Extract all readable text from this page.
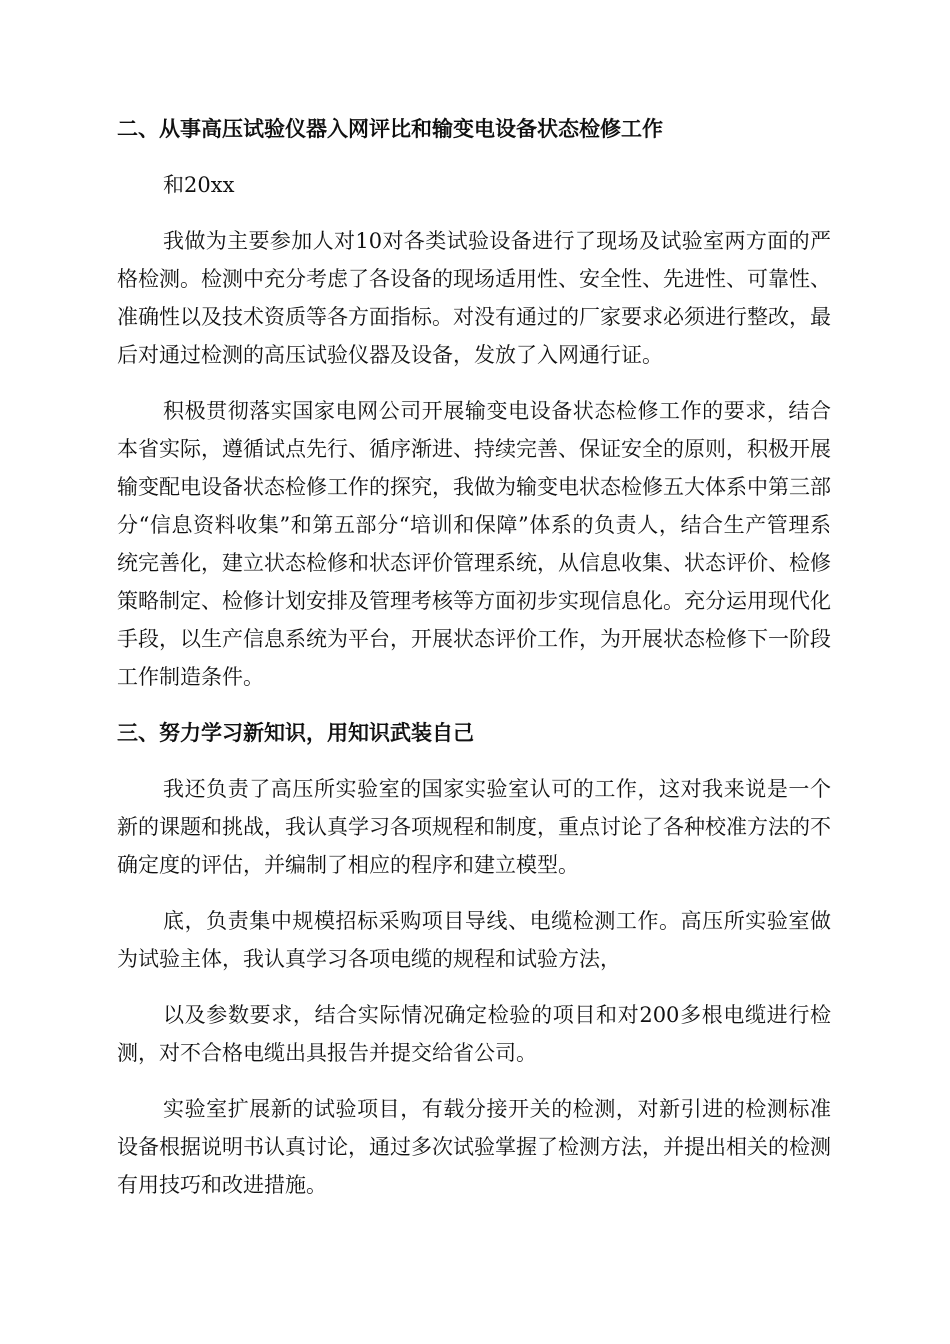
二、从事高压试验仪器入网评比和输变电设备状态检修工作
和20xx
我做为主要参加人对10对各类试验设备进行了现场及试验室两方面的严格检测。检测中充分考虑了各设备的现场适用性、安全性、先进性、可靠性、准确性以及技术资质等各方面指标。对没有通过的厂家要求必须进行整改，最后对通过检测的高压试验仪器及设备，发放了入网通行证。
积极贯彻落实国家电网公司开展输变电设备状态检修工作的要求，结合本省实际，遵循试点先行、循序渐进、持续完善、保证安全的原则，积极开展输变配电设备状态检修工作的探究，我做为输变电状态检修五大体系中第三部分“信息资料收集”和第五部分“培训和保障”体系的负责人，结合生产管理系统完善化，建立状态检修和状态评价管理系统，从信息收集、状态评价、检修策略制定、检修计划安排及管理考核等方面初步实现信息化。充分运用现代化手段，以生产信息系统为平台，开展状态评价工作，为开展状态检修下一阶段工作制造条件。
三、努力学习新知识，用知识武装自己
我还负责了高压所实验室的国家实验室认可的工作，这对我来说是一个新的课题和挑战，我认真学习各项规程和制度，重点讨论了各种校准方法的不确定度的评估，并编制了相应的程序和建立模型。
底，负责集中规模招标采购项目导线、电缆检测工作。高压所实验室做为试验主体，我认真学习各项电缆的规程和试验方法，
以及参数要求，结合实际情况确定检验的项目和对200多根电缆进行检测，对不合格电缆出具报告并提交给省公司。
实验室扩展新的试验项目，有载分接开关的检测，对新引进的检测标准设备根据说明书认真讨论，通过多次试验掌握了检测方法，并提出相关的检测有用技巧和改进措施。
